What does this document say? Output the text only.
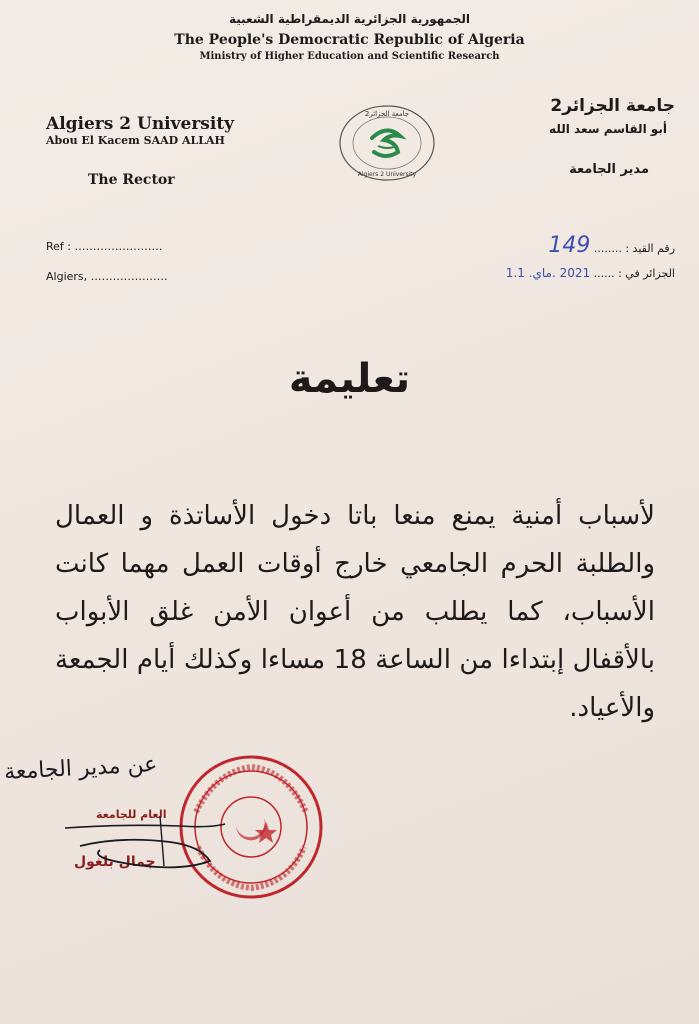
الجمهورية الجزائرية الديمقراطية الشعبية
The People's Democratic Republic of Algeria
Ministry of Higher Education and Scientific Research
Algiers 2 University
Abou El Kacem SAAD ALLAH
The Rector
جامعة الجزائر2
أبو القاسم سعد الله
مدير الجامعة
جامعة الجزائر2
Algiers 2 University
Ref : ……………………
Algiers, …………………
رقم القيد : ........ 149
الجزائر في : ...... 2021 .ماي. 1.1
تعليمة
لأسباب أمنية يمنع منعا باتا دخول الأساتذة و العمال والطلبة الحرم الجامعي خارج أوقات العمل مهما كانت الأسباب، كما يطلب من أعوان الأمن غلق الأبواب بالأقفال إبتداءا من الساعة 18 مساءا وكذلك أيام الجمعة والأعياد.
عن مدير الجامعة
العام للجامعة
جمال بلغول
